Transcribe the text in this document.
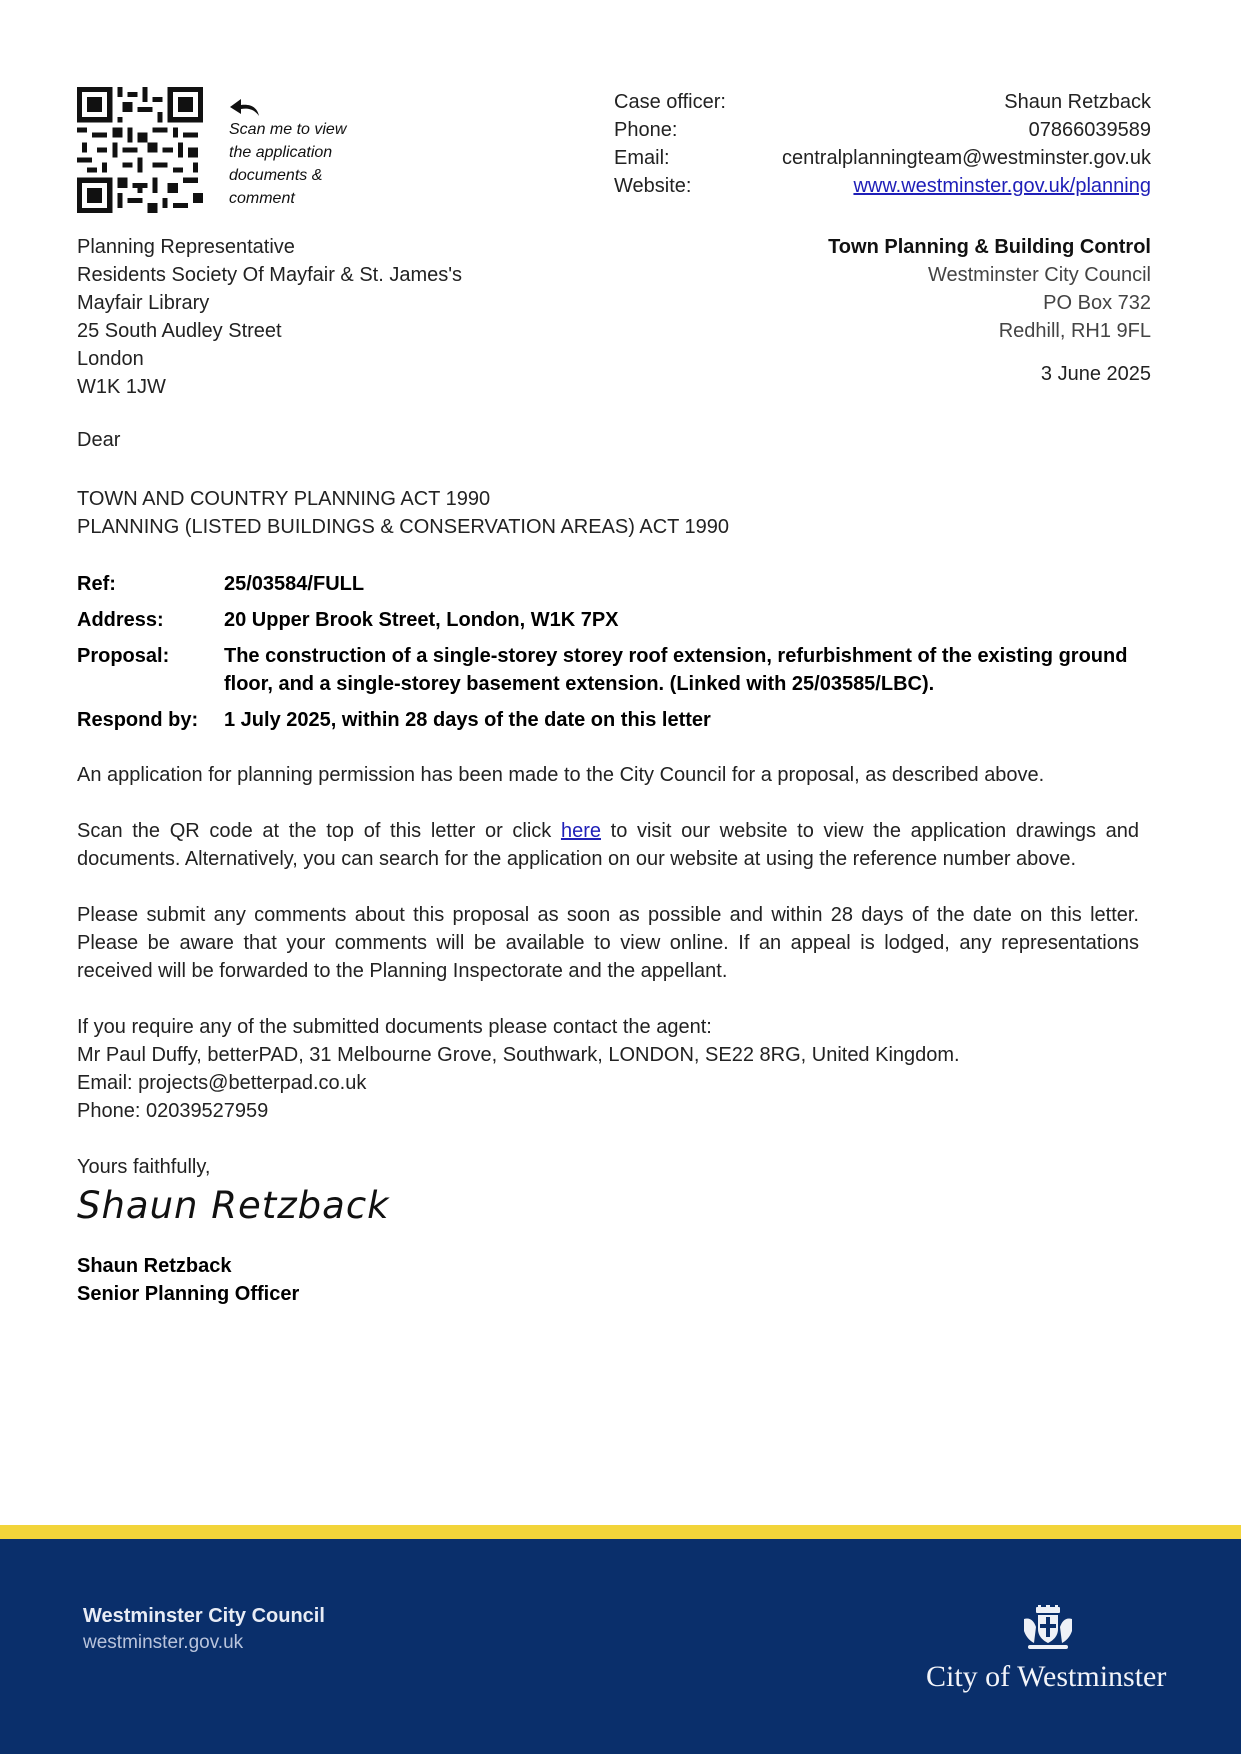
Scan me to view
the application
documents &
comment
Case officer:	Shaun Retzback
Phone:	07866039589
Email:	centralplanningteam@westminster.gov.uk
Website:	www.westminster.gov.uk/planning
Planning Representative
Residents Society Of Mayfair & St. James's
Mayfair Library
25 South Audley Street
London
W1K 1JW
Town Planning & Building Control
Westminster City Council
PO Box 732
Redhill, RH1 9FL
3 June 2025
Dear
TOWN AND COUNTRY PLANNING ACT 1990
PLANNING (LISTED BUILDINGS & CONSERVATION AREAS) ACT 1990
Ref:	25/03584/FULL
Address:	20 Upper Brook Street, London, W1K 7PX
Proposal:	The construction of a single-storey storey roof extension, refurbishment of the existing ground floor, and a single-storey basement extension. (Linked with 25/03585/LBC).
Respond by:	1 July 2025, within 28 days of the date on this letter
An application for planning permission has been made to the City Council for a proposal, as described above.
Scan the QR code at the top of this letter or click here to visit our website to view the application drawings and documents. Alternatively, you can search for the application on our website at using the reference number above.
Please submit any comments about this proposal as soon as possible and within 28 days of the date on this letter. Please be aware that your comments will be available to view online. If an appeal is lodged, any representations received will be forwarded to the Planning Inspectorate and the appellant.
If you require any of the submitted documents please contact the agent:
Mr Paul Duffy, betterPAD, 31 Melbourne Grove, Southwark, LONDON, SE22 8RG, United Kingdom.
Email: projects@betterpad.co.uk
Phone: 02039527959
Yours faithfully,
Shaun Retzback
Shaun Retzback
Senior Planning Officer
Westminster City Council
westminster.gov.uk
City of Westminster
